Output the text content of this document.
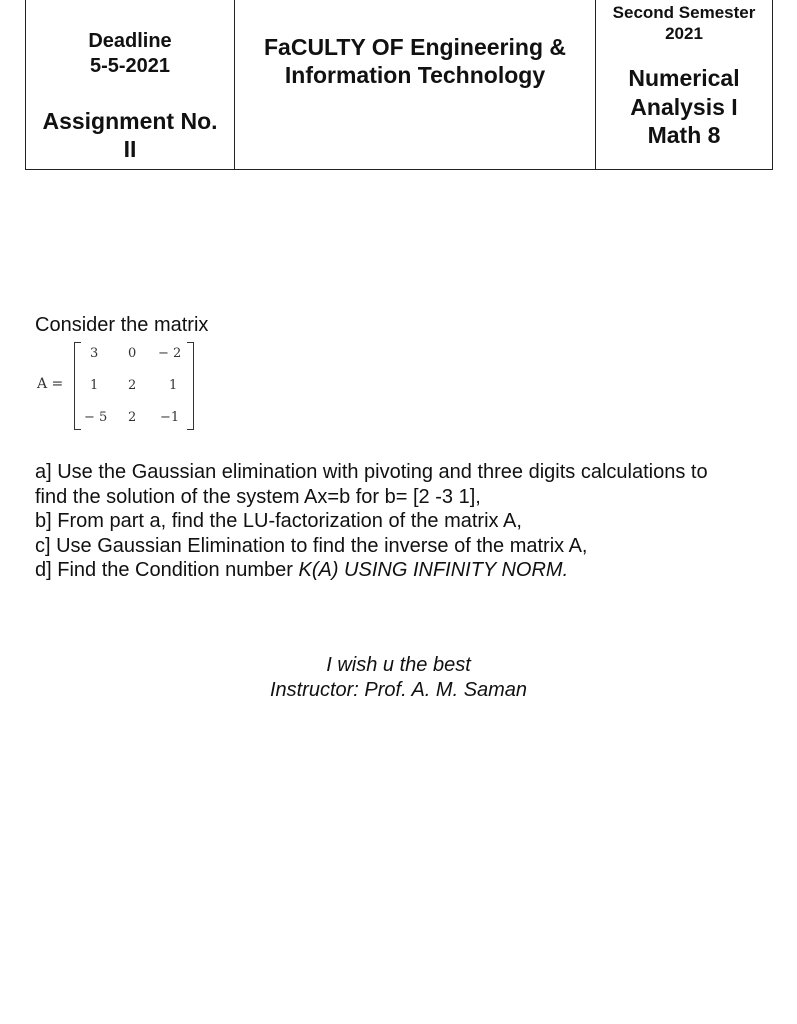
Deadline
5-5-2021
Assignment No.
II
FaCULTY OF Engineering &
Information Technology
Second Semester
2021
Numerical
Analysis I
Math 8
Consider the matrix
A =
3 0 − 2
1 2	1
− 5 2 −1
a] Use the Gaussian elimination with pivoting and three digits calculations to
find the solution of the system Ax=b for b= [2 -3 1],
b] From part a, find the LU-factorization of the matrix A,
c] Use Gaussian Elimination to find the inverse of the matrix A,
d] Find the Condition number K(A) USING INFINITY NORM.
I wish u the best
Instructor: Prof. A. M. Saman
